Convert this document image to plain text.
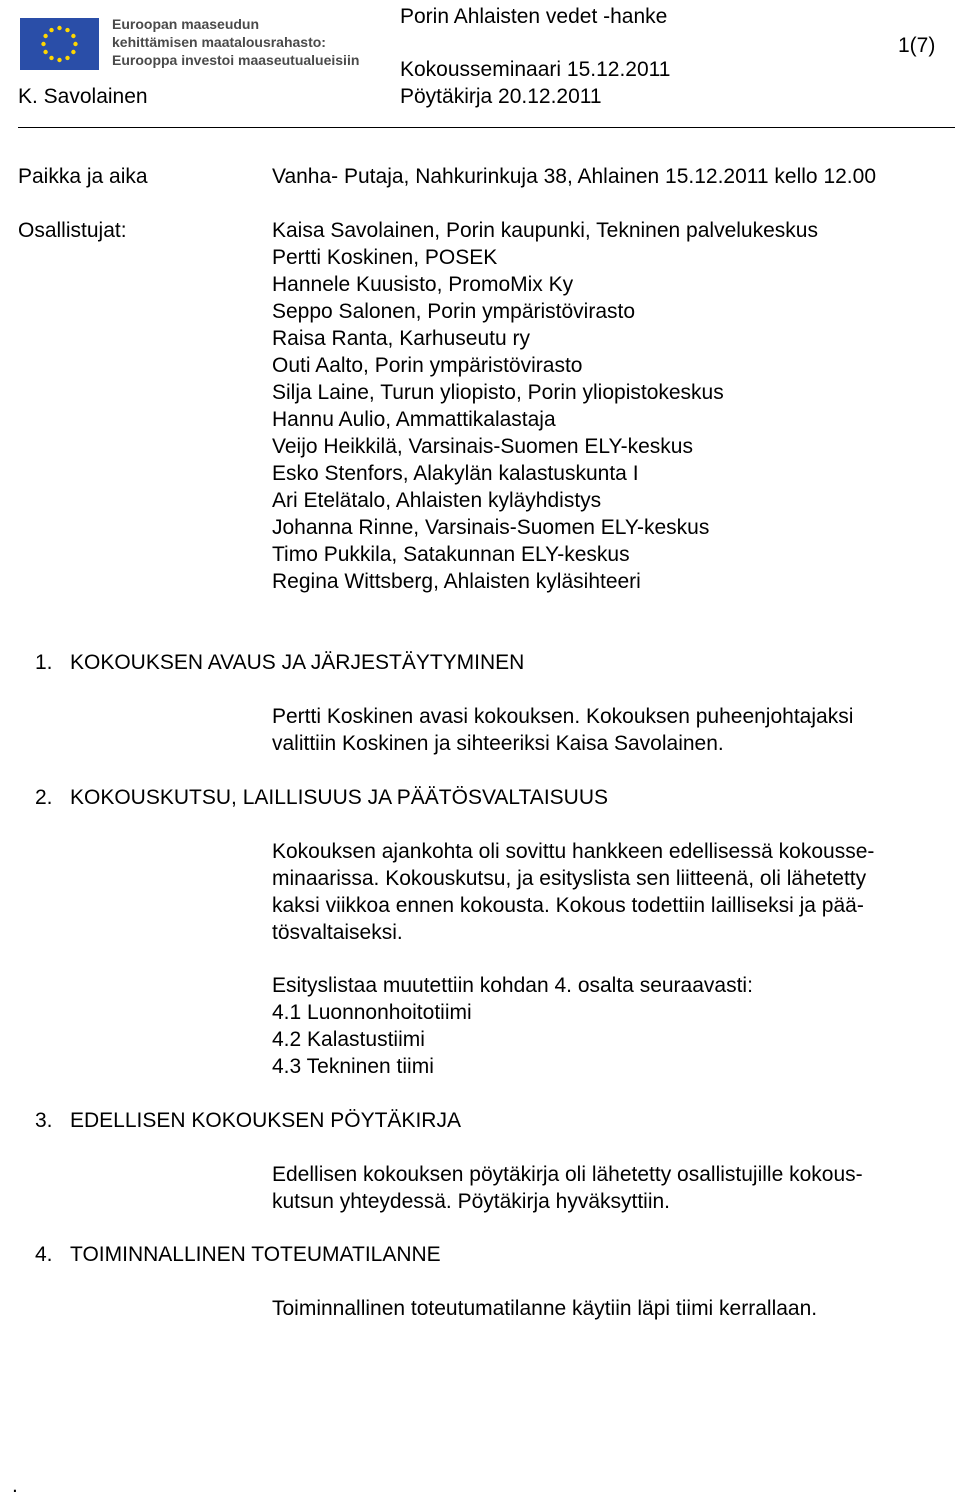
Euroopan maaseudun
kehittämisen maatalousrahasto:
Eurooppa investoi maaseutualueisiin
Porin Ahlaisten vedet -hanke
Kokousseminaari 15.12.2011
Pöytäkirja 20.12.2011
K. Savolainen
1(7)
Paikka ja aika	Vanha- Putaja, Nahkurinkuja 38, Ahlainen 15.12.2011 kello 12.00
Osallistujat:	Kaisa Savolainen, Porin kaupunki, Tekninen palvelukeskus
Pertti Koskinen, POSEK
Hannele Kuusisto, PromoMix Ky
Seppo Salonen, Porin ympäristövirasto
Raisa Ranta, Karhuseutu ry
Outi Aalto, Porin ympäristövirasto
Silja Laine, Turun yliopisto, Porin yliopistokeskus
Hannu Aulio, Ammattikalastaja
Veijo Heikkilä, Varsinais-Suomen ELY-keskus
Esko Stenfors, Alakylän kalastuskunta I
Ari Etelätalo, Ahlaisten kyläyhdistys
Johanna Rinne, Varsinais-Suomen ELY-keskus
Timo Pukkila, Satakunnan ELY-keskus
Regina Wittsberg, Ahlaisten kyläsihteeri
1. KOKOUKSEN AVAUS JA JÄRJESTÄYTYMINEN
Pertti Koskinen avasi kokouksen. Kokouksen puheenjohtajaksi
valittiin Koskinen ja sihteeriksi Kaisa Savolainen.
2. KOKOUSKUTSU, LAILLISUUS JA PÄÄTÖSVALTAISUUS
Kokouksen ajankohta oli sovittu hankkeen edellisessä kokousse-
minaarissa. Kokouskutsu, ja esityslista sen liitteenä, oli lähetetty
kaksi viikkoa ennen kokousta. Kokous todettiin lailliseksi ja pää-
tösvaltaiseksi.
Esityslistaa muutettiin kohdan 4. osalta seuraavasti:
4.1 Luonnonhoitotiimi
4.2 Kalastustiimi
4.3 Tekninen tiimi
3. EDELLISEN KOKOUKSEN PÖYTÄKIRJA
Edellisen kokouksen pöytäkirja oli lähetetty osallistujille kokous-
kutsun yhteydessä. Pöytäkirja hyväksyttiin.
4. TOIMINNALLINEN TOTEUMATILANNE
Toiminnallinen toteutumatilanne käytiin läpi tiimi kerrallaan.
.
